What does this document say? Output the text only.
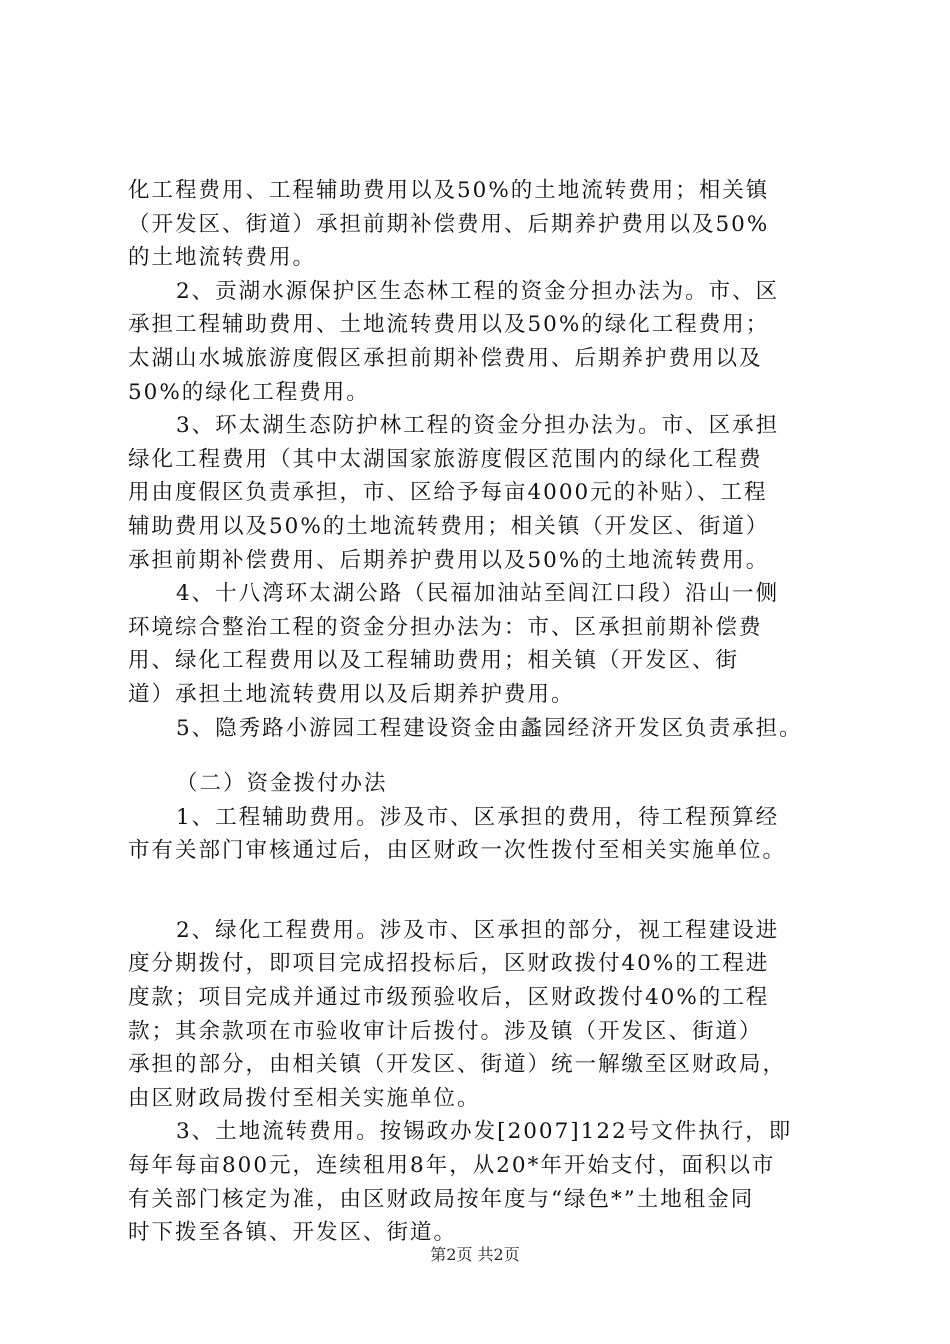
化工程费用、工程辅助费用以及50%的土地流转费用；相关镇

（开发区、街道）承担前期补偿费用、后期养护费用以及50%

的土地流转费用。

2、贡湖水源保护区生态林工程的资金分担办法为。市、区

承担工程辅助费用、土地流转费用以及50%的绿化工程费用；

太湖山水城旅游度假区承担前期补偿费用、后期养护费用以及

50%的绿化工程费用。

3、环太湖生态防护林工程的资金分担办法为。市、区承担

绿化工程费用（其中太湖国家旅游度假区范围内的绿化工程费

用由度假区负责承担，市、区给予每亩4000元的补贴）、工程

辅助费用以及50%的土地流转费用；相关镇（开发区、街道）

承担前期补偿费用、后期养护费用以及50%的土地流转费用。

4、十八湾环太湖公路（民福加油站至闾江口段）沿山一侧

环境综合整治工程的资金分担办法为：市、区承担前期补偿费

用、绿化工程费用以及工程辅助费用；相关镇（开发区、街

道）承担土地流转费用以及后期养护费用。

5、隐秀路小游园工程建设资金由蠡园经济开发区负责承担。

（二）资金拨付办法

1、工程辅助费用。涉及市、区承担的费用，待工程预算经

市有关部门审核通过后，由区财政一次性拨付至相关实施单位。

2、绿化工程费用。涉及市、区承担的部分，视工程建设进

度分期拨付，即项目完成招投标后，区财政拨付40%的工程进

度款；项目完成并通过市级预验收后，区财政拨付40%的工程

款；其余款项在市验收审计后拨付。涉及镇（开发区、街道）

承担的部分，由相关镇（开发区、街道）统一解缴至区财政局，

由区财政局拨付至相关实施单位。

3、土地流转费用。按锡政办发[2007]122号文件执行，即

每年每亩800元，连续租用8年，从20*年开始支付，面积以市

有关部门核定为准，由区财政局按年度与“绿色*”土地租金同

时下拨至各镇、开发区、街道。

第2页 共2页
